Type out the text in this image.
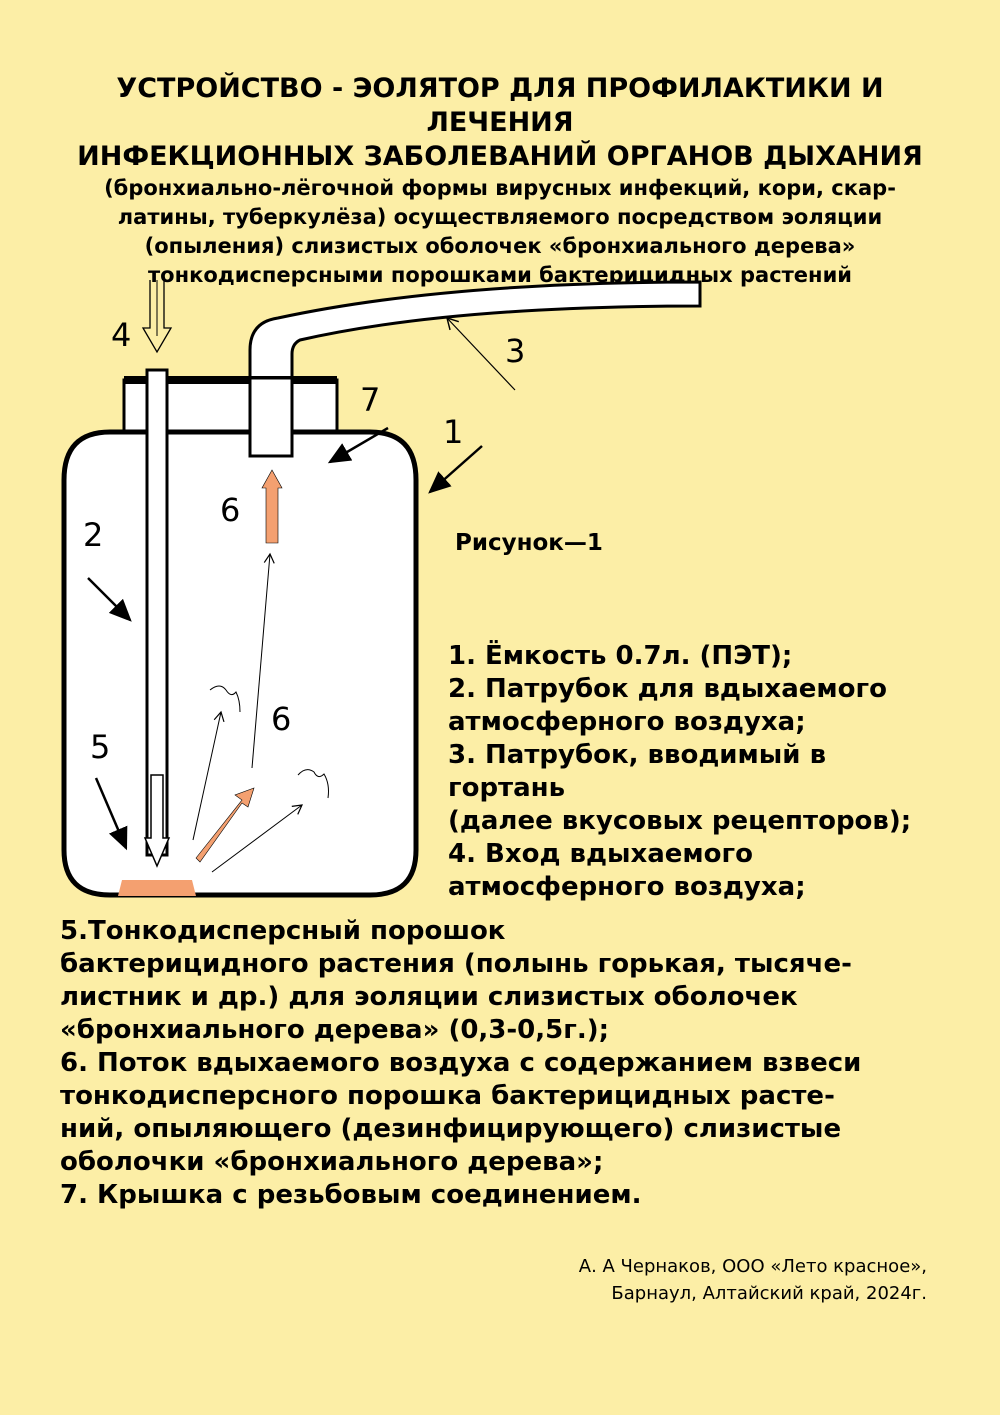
УСТРОЙСТВО - ЭОЛЯТОР ДЛЯ ПРОФИЛАКТИКИ И ЛЕЧЕНИЯ
ИНФЕКЦИОННЫХ ЗАБОЛЕВАНИЙ ОРГАНОВ ДЫХАНИЯ
(бронхиально-лёгочной формы вирусных инфекций, кори, скар-
латины, туберкулёза) осуществляемого посредством эоляции
(опыления) слизистых оболочек «бронхиального дерева»
тонкодисперсными порошками бактерицидных растений
1
2
3
4
5
6
6
7
Рисунок—1
1. Ёмкость 0.7л. (ПЭТ);
2. Патрубок для вдыхаемого
атмосферного воздуха;
3. Патрубок, вводимый в
гортань
(далее вкусовых рецепторов);
4. Вход вдыхаемого
атмосферного воздуха;
5.Тонкодисперсный порошок
бактерицидного растения (полынь горькая, тысяче-
листник и др.) для эоляции слизистых оболочек
«бронхиального дерева» (0,3-0,5г.);
6. Поток вдыхаемого воздуха с содержанием взвеси
тонкодисперсного порошка бактерицидных расте-
ний, опыляющего (дезинфицирующего) слизистые
оболочки «бронхиального дерева»;
7. Крышка с резьбовым соединением.
А. А Чернаков, ООО «Лето красное»,
Барнаул, Алтайский край, 2024г.
